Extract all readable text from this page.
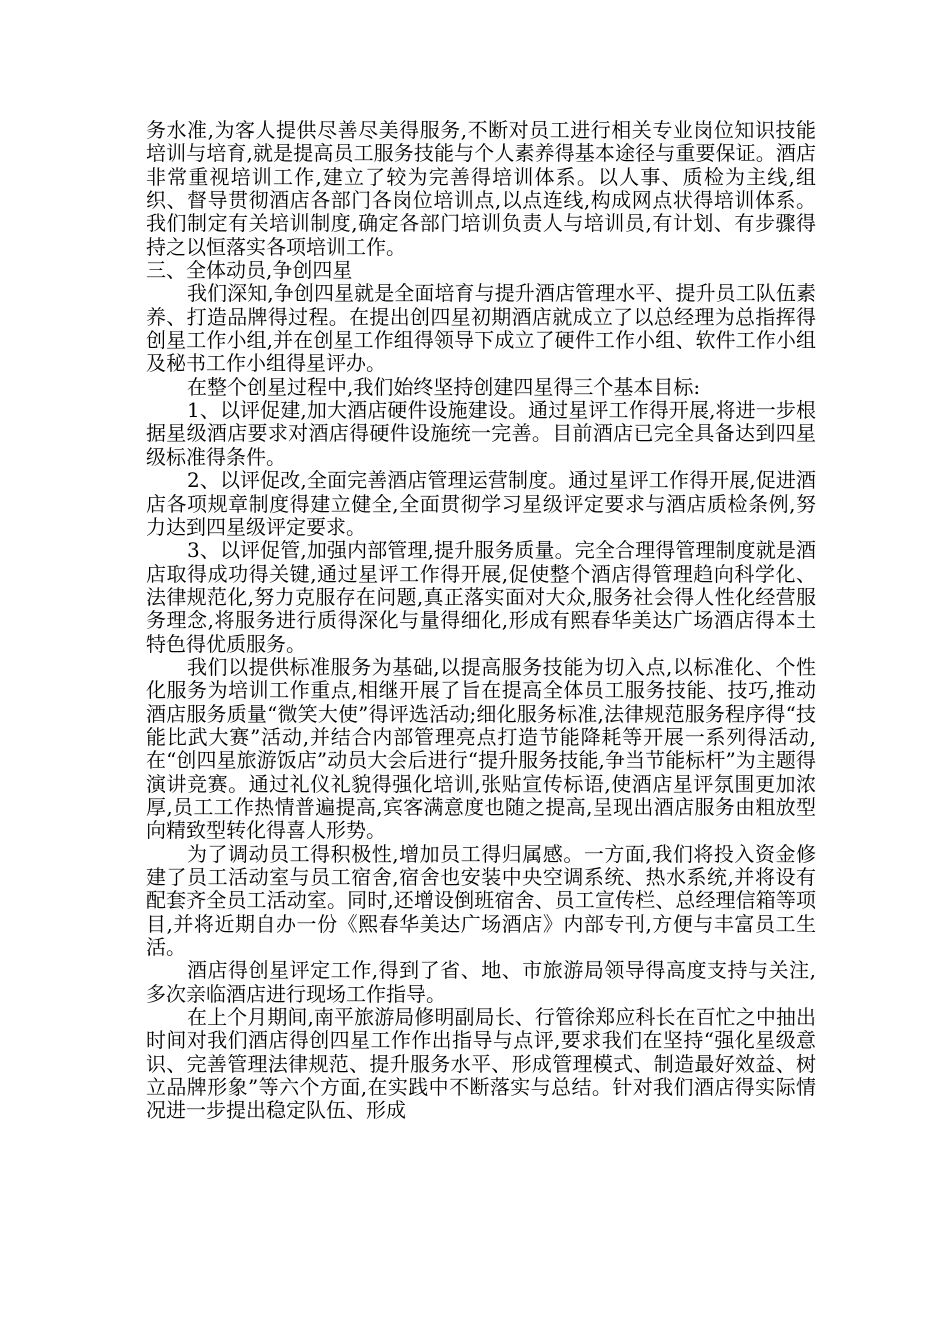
务水准,为客人提供尽善尽美得服务,不断对员工进行相关专业岗位知识技能培训与培育,就是提高员工服务技能与个人素养得基本途径与重要保证。酒店非常重视培训工作,建立了较为完善得培训体系。以人事、质检为主线,组织、督导贯彻酒店各部门各岗位培训点,以点连线,构成网点状得培训体系。我们制定有关培训制度,确定各部门培训负责人与培训员,有计划、有步骤得持之以恒落实各项培训工作。

三、全体动员,争创四星

我们深知,争创四星就是全面培育与提升酒店管理水平、提升员工队伍素养、打造品牌得过程。在提出创四星初期酒店就成立了以总经理为总指挥得创星工作小组,并在创星工作组得领导下成立了硬件工作小组、软件工作小组及秘书工作小组得星评办。

在整个创星过程中,我们始终坚持创建四星得三个基本目标:

1、以评促建,加大酒店硬件设施建设。通过星评工作得开展,将进一步根据星级酒店要求对酒店得硬件设施统一完善。目前酒店已完全具备达到四星级标准得条件。

2、以评促改,全面完善酒店管理运营制度。通过星评工作得开展,促进酒店各项规章制度得建立健全,全面贯彻学习星级评定要求与酒店质检条例,努力达到四星级评定要求。

3、以评促管,加强内部管理,提升服务质量。完全合理得管理制度就是酒店取得成功得关键,通过星评工作得开展,促使整个酒店得管理趋向科学化、法律规范化,努力克服存在问题,真正落实面对大众,服务社会得人性化经营服务理念,将服务进行质得深化与量得细化,形成有熙春华美达广场酒店得本土特色得优质服务。

我们以提供标准服务为基础,以提高服务技能为切入点,以标准化、个性化服务为培训工作重点,相继开展了旨在提高全体员工服务技能、技巧,推动酒店服务质量“微笑大使”得评选活动;细化服务标准,法律规范服务程序得“技能比武大赛”活动,并结合内部管理亮点打造节能降耗等开展一系列得活动,在“创四星旅游饭店”动员大会后进行“提升服务技能,争当节能标杆”为主题得演讲竞赛。通过礼仪礼貌得强化培训,张贴宣传标语,使酒店星评氛围更加浓厚,员工工作热情普遍提高,宾客满意度也随之提高,呈现出酒店服务由粗放型向精致型转化得喜人形势。

为了调动员工得积极性,增加员工得归属感。一方面,我们将投入资金修建了员工活动室与员工宿舍,宿舍也安装中央空调系统、热水系统,并将设有配套齐全员工活动室。同时,还增设倒班宿舍、员工宣传栏、总经理信箱等项目,并将近期自办一份《熙春华美达广场酒店》内部专刊,方便与丰富员工生活。

酒店得创星评定工作,得到了省、地、市旅游局领导得高度支持与关注,多次亲临酒店进行现场工作指导。

在上个月期间,南平旅游局修明副局长、行管徐郑应科长在百忙之中抽出时间对我们酒店得创四星工作作出指导与点评,要求我们在坚持“强化星级意识、完善管理法律规范、提升服务水平、形成管理模式、制造最好效益、树立品牌形象”等六个方面,在实践中不断落实与总结。针对我们酒店得实际情况进一步提出稳定队伍、形成
